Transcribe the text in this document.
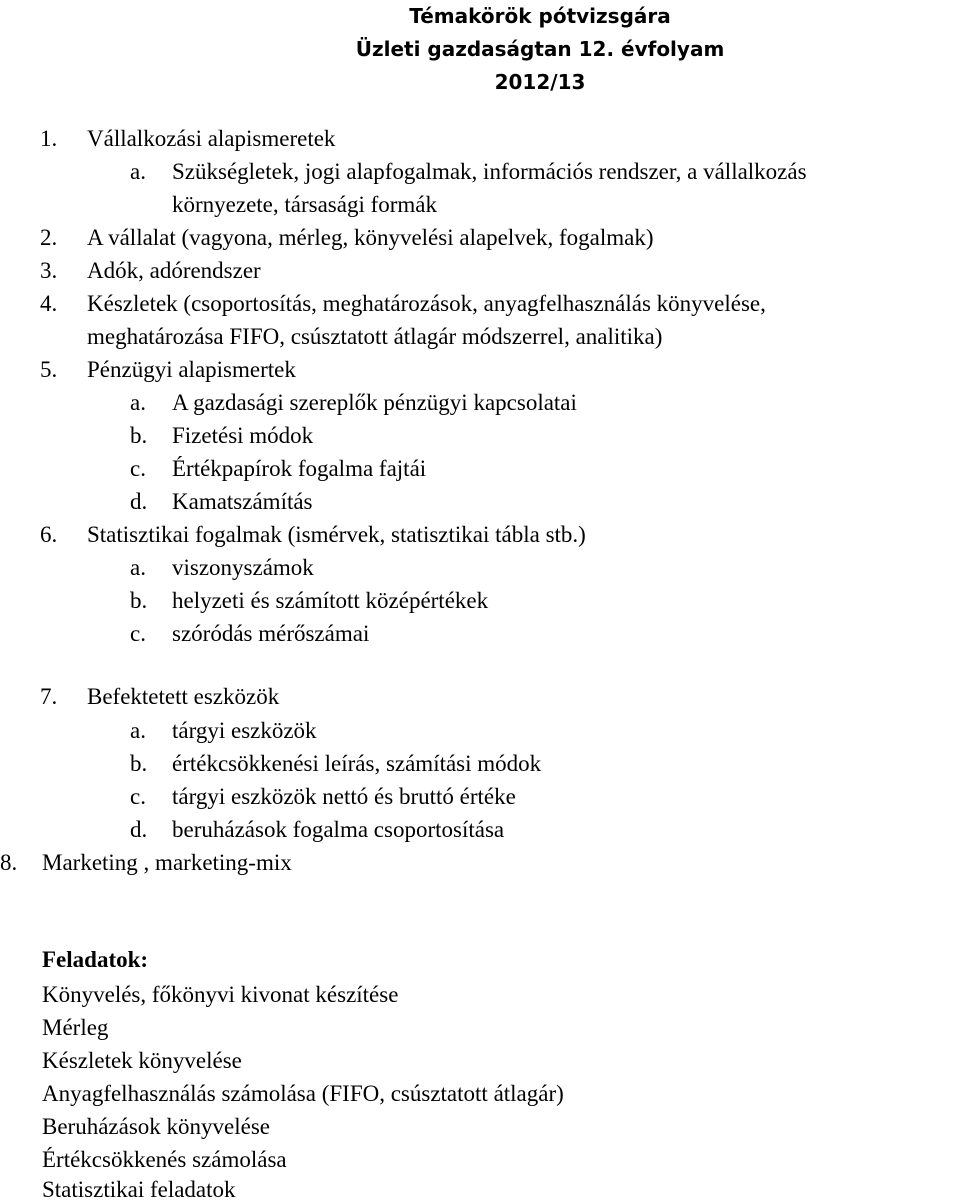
Témakörök pótvizsgára
Üzleti gazdaságtan 12. évfolyam
2012/13
1. Vállalkozási alapismeretek
a. Szükségletek, jogi alapfogalmak, információs rendszer, a vállalkozás
környezete, társasági formák
2. A vállalat (vagyona, mérleg, könyvelési alapelvek, fogalmak)
3. Adók, adórendszer
4. Készletek (csoportosítás, meghatározások, anyagfelhasználás könyvelése,
meghatározása FIFO, csúsztatott átlagár módszerrel, analitika)
5. Pénzügyi alapismertek
a. A gazdasági szereplők pénzügyi kapcsolatai
b. Fizetési módok
c. Értékpapírok fogalma fajtái
d. Kamatszámítás
6. Statisztikai fogalmak (ismérvek, statisztikai tábla stb.)
a. viszonyszámok
b. helyzeti és számított középértékek
c. szóródás mérőszámai
7. Befektetett eszközök
a. tárgyi eszközök
b. értékcsökkenési leírás, számítási módok
c. tárgyi eszközök nettó és bruttó értéke
d. beruházások fogalma csoportosítása
8. Marketing , marketing-mix
Feladatok:
Könyvelés, főkönyvi kivonat készítése
Mérleg
Készletek könyvelése
Anyagfelhasználás számolása (FIFO, csúsztatott átlagár)
Beruházások könyvelése
Értékcsökkenés számolása
Statisztikai feladatok
